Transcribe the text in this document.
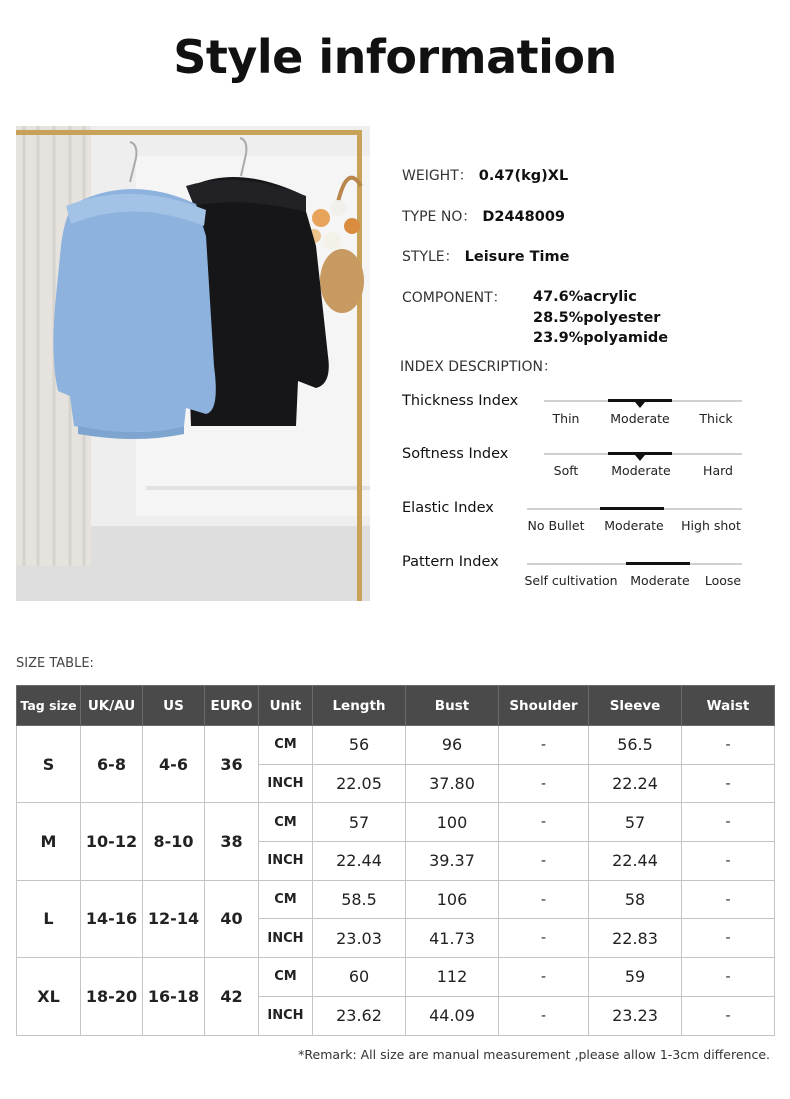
Style information
WEIGHT： 0.47(kg)XL
TYPE NO： D2448009
STYLE： Leisure Time
COMPONENT： 47.6%acrylic
28.5%polyester
23.9%polyamide
INDEX DESCRIPTION：
Thickness Index
Thin Moderate Thick
Softness Index
Soft	Moderate	Hard
Elastic Index
No Bullet Moderate High shot
Pattern Index
Self cultivation Moderate Loose
SIZE TABLE:
Tag size	UK/AU	US	EURO	Unit	Length	Bust	Shoulder	Sleeve	Waist
S	6-8	4-6	36	CM	56	96	-	56.5	-
				INCH	22.05	37.80	-	22.24	-
M	10-12	8-10	38	CM	57	100	-	57	-
				INCH	22.44	39.37	-	22.44	-
L	14-16	12-14	40	CM	58.5	106	-	58	-
				INCH	23.03	41.73	-	22.83	-
XL	18-20	16-18	42	CM	60	112	-	59	-
				INCH	23.62	44.09	-	23.23	-
*Remark: All size are manual measurement ,please allow 1-3cm difference.
